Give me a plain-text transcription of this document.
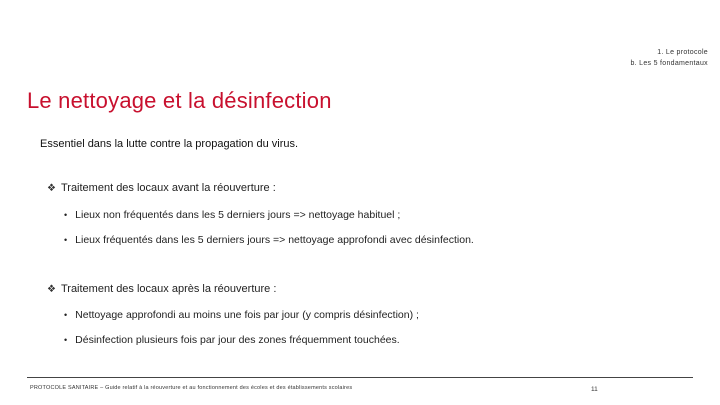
1. Le protocole
b. Les 5 fondamentaux
Le nettoyage et la désinfection
Essentiel dans la lutte contre la propagation du virus.
❖ Traitement des locaux avant la réouverture :
• Lieux non fréquentés dans les 5 derniers jours => nettoyage habituel ;
• Lieux fréquentés dans les 5 derniers jours => nettoyage approfondi avec désinfection.
❖ Traitement des locaux après la réouverture :
• Nettoyage approfondi au moins une fois par jour (y compris désinfection) ;
• Désinfection plusieurs fois par jour des zones fréquemment touchées.
PROTOCOLE SANITAIRE – Guide relatif à la réouverture et au fonctionnement des écoles et des établissements scolaires	11
